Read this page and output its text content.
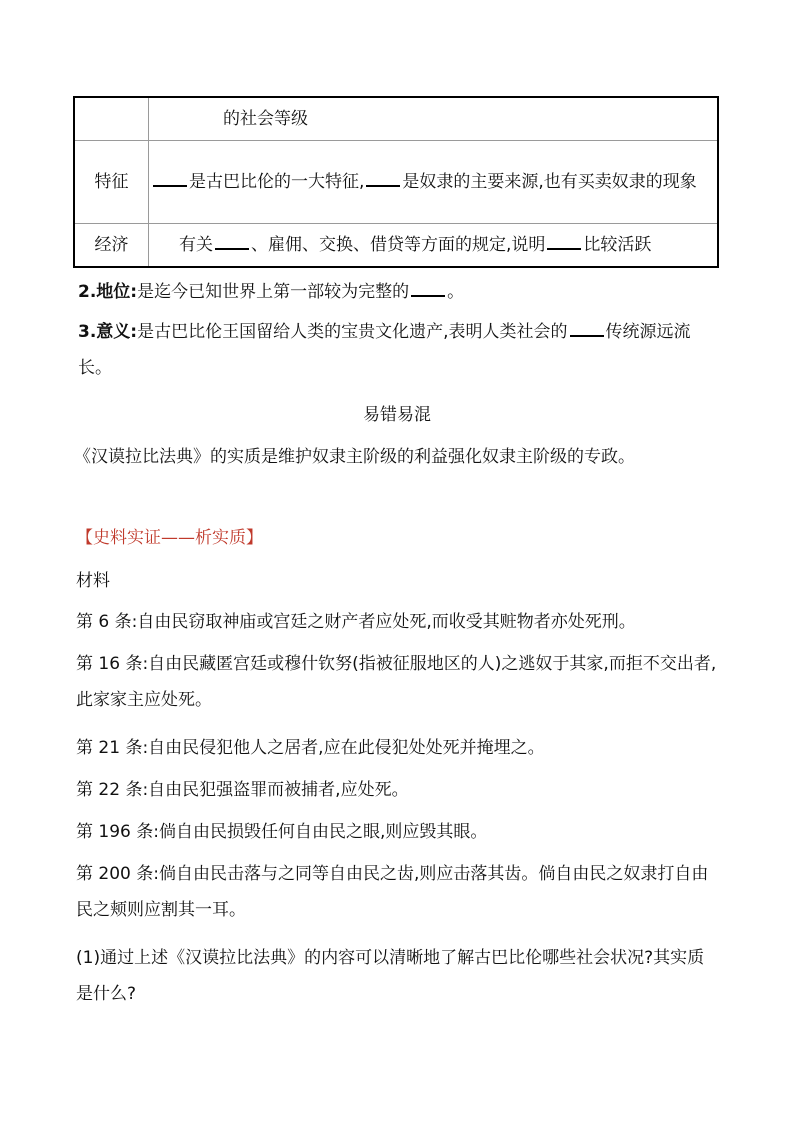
	的社会等级
特征	是古巴比伦的一大特征, 是奴隶的主要来源,也有买卖奴隶的现象
经济	有关 、雇佣、交换、借贷等方面的规定,说明 比较活跃

2.地位:是迄今已知世界上第一部较为完整的 。

3.意义:是古巴比伦王国留给人类的宝贵文化遗产,表明人类社会的 传统源远流长。

易错易混

《汉谟拉比法典》的实质是维护奴隶主阶级的利益强化奴隶主阶级的专政。

【史料实证——析实质】

材料

第 6 条:自由民窃取神庙或宫廷之财产者应处死,而收受其赃物者亦处死刑。

第 16 条:自由民藏匿宫廷或穆什钦努(指被征服地区的人)之逃奴于其家,而拒不交出者,此家家主应处死。

第 21 条:自由民侵犯他人之居者,应在此侵犯处处死并掩埋之。

第 22 条:自由民犯强盗罪而被捕者,应处死。

第 196 条:倘自由民损毁任何自由民之眼,则应毁其眼。

第 200 条:倘自由民击落与之同等自由民之齿,则应击落其齿。倘自由民之奴隶打自由民之颊则应割其一耳。

(1)通过上述《汉谟拉比法典》的内容可以清晰地了解古巴比伦哪些社会状况?其实质是什么?
